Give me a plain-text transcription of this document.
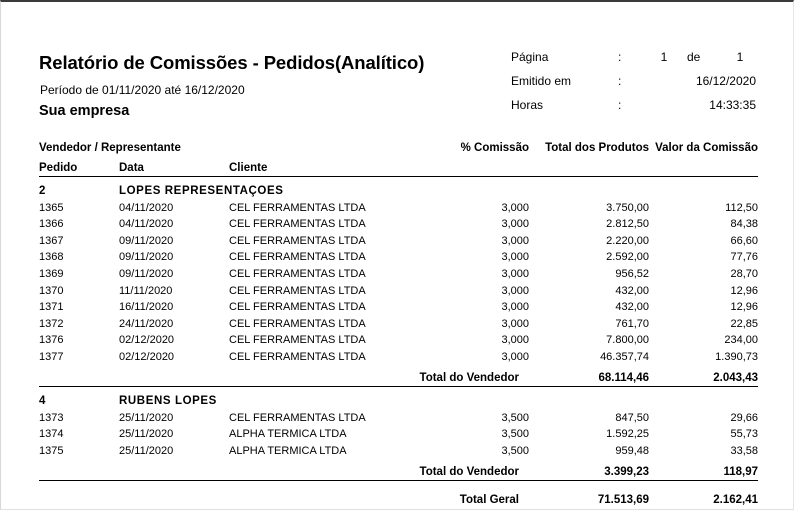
Relatório de Comissões - Pedidos(Analítico)
Período de 01/11/2020 até 16/12/2020
Sua empresa
Página	:	1	de	1
Emitido em	:	16/12/2020
Horas	:	14:33:35
Vendedor / Representante			% Comissão	Total dos Produtos	Valor da Comissão
Pedido	Data	Cliente			
2	LOPES REPRESENTAÇOES				
1365	04/11/2020	CEL FERRAMENTAS LTDA	3,000	3.750,00	112,50
1366	04/11/2020	CEL FERRAMENTAS LTDA	3,000	2.812,50	84,38
1367	09/11/2020	CEL FERRAMENTAS LTDA	3,000	2.220,00	66,60
1368	09/11/2020	CEL FERRAMENTAS LTDA	3,000	2.592,00	77,76
1369	09/11/2020	CEL FERRAMENTAS LTDA	3,000	956,52	28,70
1370	11/11/2020	CEL FERRAMENTAS LTDA	3,000	432,00	12,96
1371	16/11/2020	CEL FERRAMENTAS LTDA	3,000	432,00	12,96
1372	24/11/2020	CEL FERRAMENTAS LTDA	3,000	761,70	22,85
1376	02/12/2020	CEL FERRAMENTAS LTDA	3,000	7.800,00	234,00
1377	02/12/2020	CEL FERRAMENTAS LTDA	3,000	46.357,74	1.390,73
Total do Vendedor				68.114,46	2.043,43
4	RUBENS LOPES				
1373	25/11/2020	CEL FERRAMENTAS LTDA	3,500	847,50	29,66
1374	25/11/2020	ALPHA TERMICA LTDA	3,500	1.592,25	55,73
1375	25/11/2020	ALPHA TERMICA LTDA	3,500	959,48	33,58
Total do Vendedor				3.399,23	118,97
Total Geral				71.513,69	2.162,41
